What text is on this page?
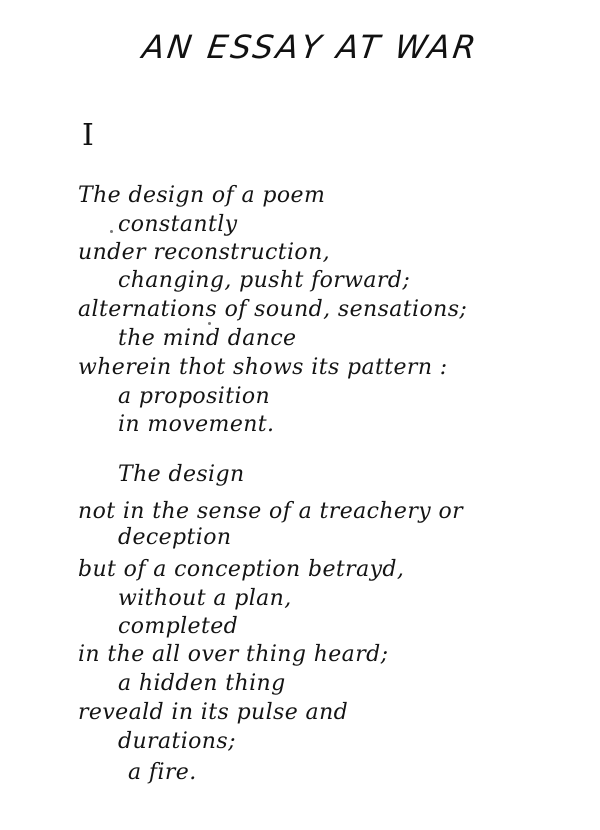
AN ESSAY AT WAR
I
The design of a poem
constantly
under reconstruction,
changing, pusht forward;
alternations of sound, sensations;
the mind dance
wherein thot shows its pattern :
a proposition
in movement.
The design
not in the sense of a treachery or
deception
but of a conception betrayd,
without a plan,
completed
in the all over thing heard;
a hidden thing
reveald in its pulse and
durations;
a fire.
